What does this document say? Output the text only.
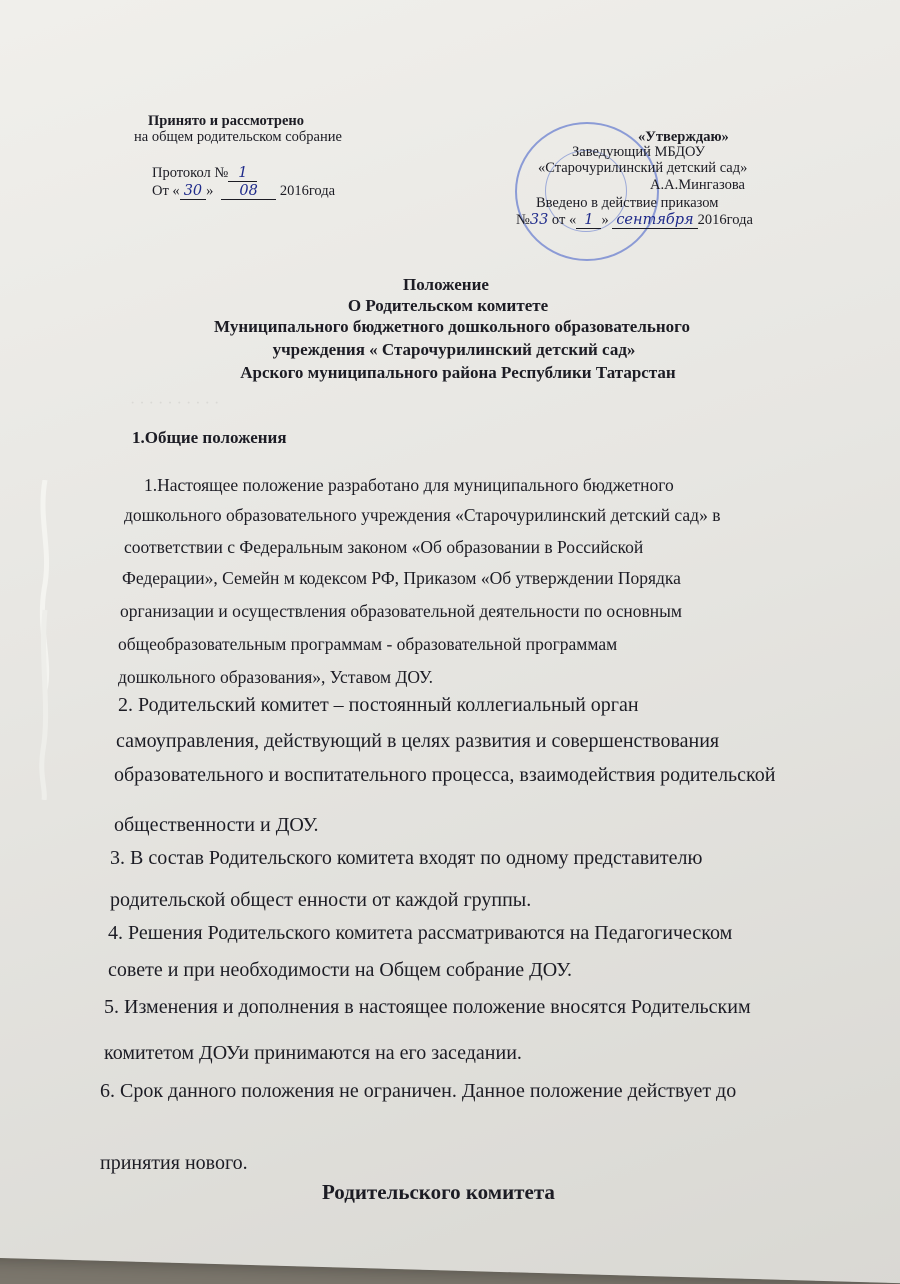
· · · · · · · · · ·
Принято и рассмотрено
на общем родительском собрание
Протокол № 1
От « 30 » 08 2016года
«Утверждаю»
Заведующий МБДОУ
«Старочурилинский детский сад»
А.А.Мингазова
Введено в действие приказом
№33 от « 1 » сентября 2016года
Положение
О Родительском комитете
Муниципального бюджетного дошкольного образовательного
учреждения « Старочурилинский детский сад»
Арского муниципального района Республики Татарстан
1.Общие положения
1.Настоящее положение разработано для муниципального бюджетного
дошкольного образовательного учреждения «Старочурилинский детский сад» в
соответствии с Федеральным законом «Об образовании в Российской
Федерации», Семейн м кодексом РФ, Приказом «Об утверждении Порядка
организации и осуществления образовательной деятельности по основным
общеобразовательным программам - образовательной программам
дошкольного образования», Уставом ДОУ.
2. Родительский комитет – постоянный коллегиальный орган
самоуправления, действующий в целях развития и совершенствования
образовательного и воспитательного процесса, взаимодействия родительской
общественности и ДОУ.
3. В состав Родительского комитета входят по одному представителю
родительской общест енности от каждой группы.
4. Решения Родительского комитета рассматриваются на Педагогическом
совете и при необходимости на Общем собрание ДОУ.
5. Изменения и дополнения в настоящее положение вносятся Родительским
комитетом ДОУи принимаются на его заседании.
6. Срок данного положения не ограничен. Данное положение действует до
принятия нового.
Родительского комитета
